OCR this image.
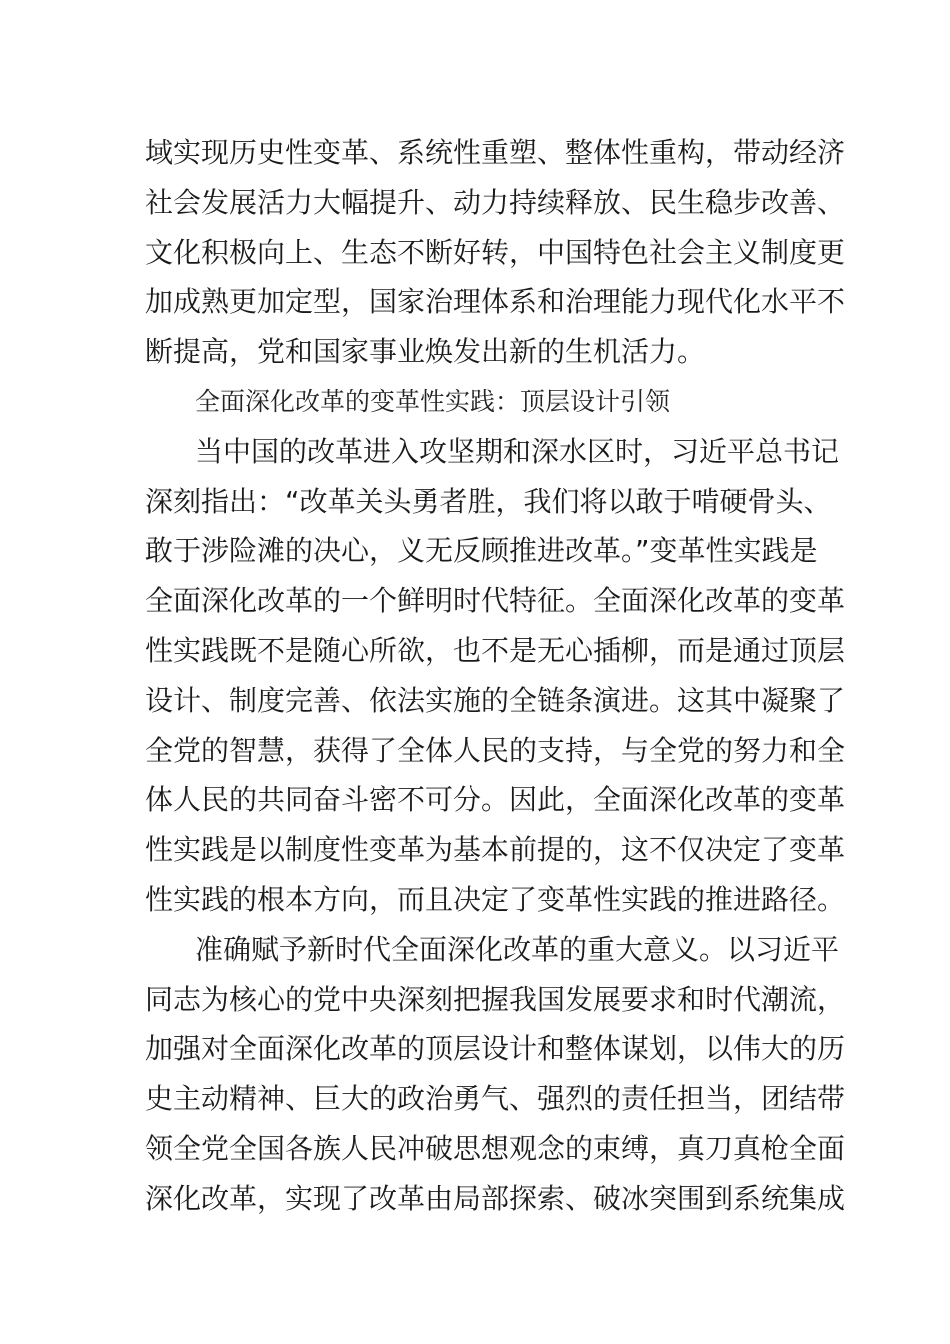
域实现历史性变革、系统性重塑、整体性重构，带动经济
社会发展活力大幅提升、动力持续释放、民生稳步改善、
文化积极向上、生态不断好转，中国特色社会主义制度更
加成熟更加定型，国家治理体系和治理能力现代化水平不
断提高，党和国家事业焕发出新的生机活力。
全面深化改革的变革性实践：顶层设计引领
当中国的改革进入攻坚期和深水区时，习近平总书记
深刻指出：“改革关头勇者胜，我们将以敢于啃硬骨头、
敢于涉险滩的决心，义无反顾推进改革。”变革性实践是
全面深化改革的一个鲜明时代特征。全面深化改革的变革
性实践既不是随心所欲，也不是无心插柳，而是通过顶层
设计、制度完善、依法实施的全链条演进。这其中凝聚了
全党的智慧，获得了全体人民的支持，与全党的努力和全
体人民的共同奋斗密不可分。因此，全面深化改革的变革
性实践是以制度性变革为基本前提的，这不仅决定了变革
性实践的根本方向，而且决定了变革性实践的推进路径。
准确赋予新时代全面深化改革的重大意义。以习近平
同志为核心的党中央深刻把握我国发展要求和时代潮流，
加强对全面深化改革的顶层设计和整体谋划，以伟大的历
史主动精神、巨大的政治勇气、强烈的责任担当，团结带
领全党全国各族人民冲破思想观念的束缚，真刀真枪全面
深化改革，实现了改革由局部探索、破冰突围到系统集成
